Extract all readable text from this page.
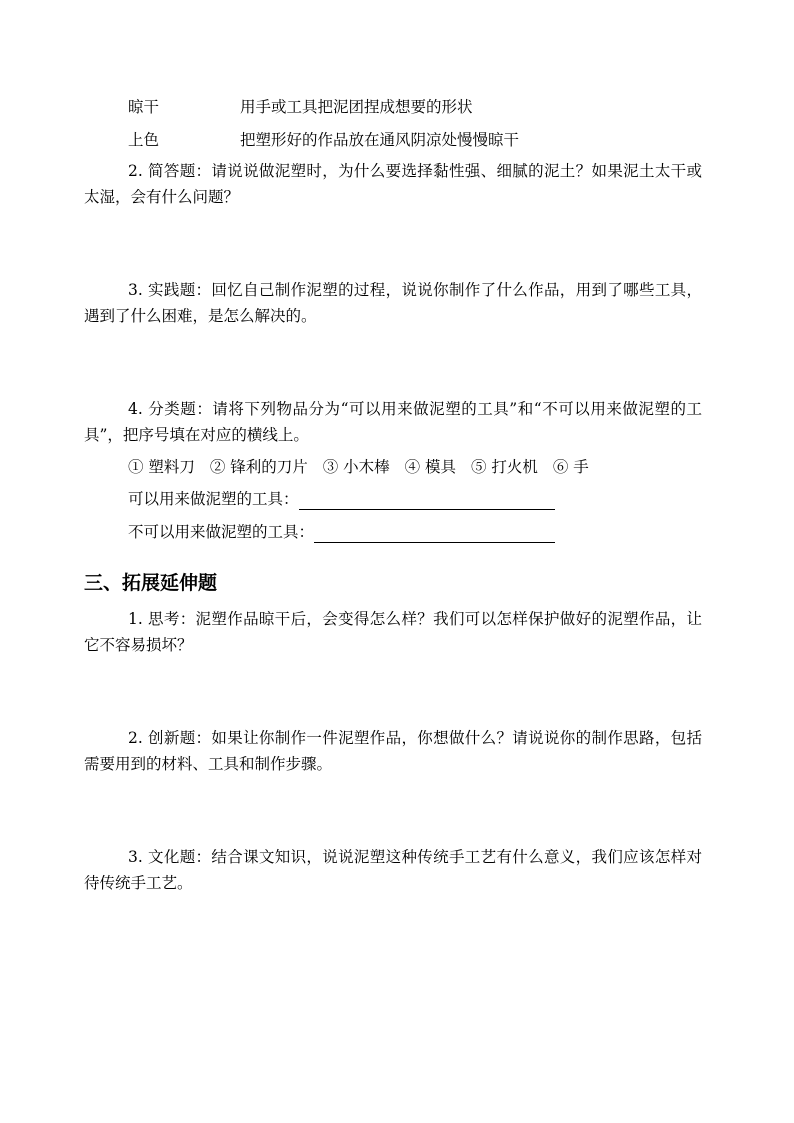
晾干	用手或工具把泥团捏成想要的形状
上色	把塑形好的作品放在通风阴凉处慢慢晾干
2. 简答题：请说说做泥塑时，为什么要选择黏性强、细腻的泥土？如果泥土太干或太湿，会有什么问题？
3. 实践题：回忆自己制作泥塑的过程，说说你制作了什么作品，用到了哪些工具，遇到了什么困难，是怎么解决的。
4. 分类题：请将下列物品分为“可以用来做泥塑的工具”和“不可以用来做泥塑的工具”，把序号填在对应的横线上。
① 塑料刀 ② 锋利的刀片 ③ 小木棒 ④ 模具 ⑤ 打火机 ⑥ 手
可以用来做泥塑的工具：
不可以用来做泥塑的工具：
三、拓展延伸题
1. 思考：泥塑作品晾干后，会变得怎么样？我们可以怎样保护做好的泥塑作品，让它不容易损坏？
2. 创新题：如果让你制作一件泥塑作品，你想做什么？请说说你的制作思路，包括需要用到的材料、工具和制作步骤。
3. 文化题：结合课文知识，说说泥塑这种传统手工艺有什么意义，我们应该怎样对待传统手工艺。
